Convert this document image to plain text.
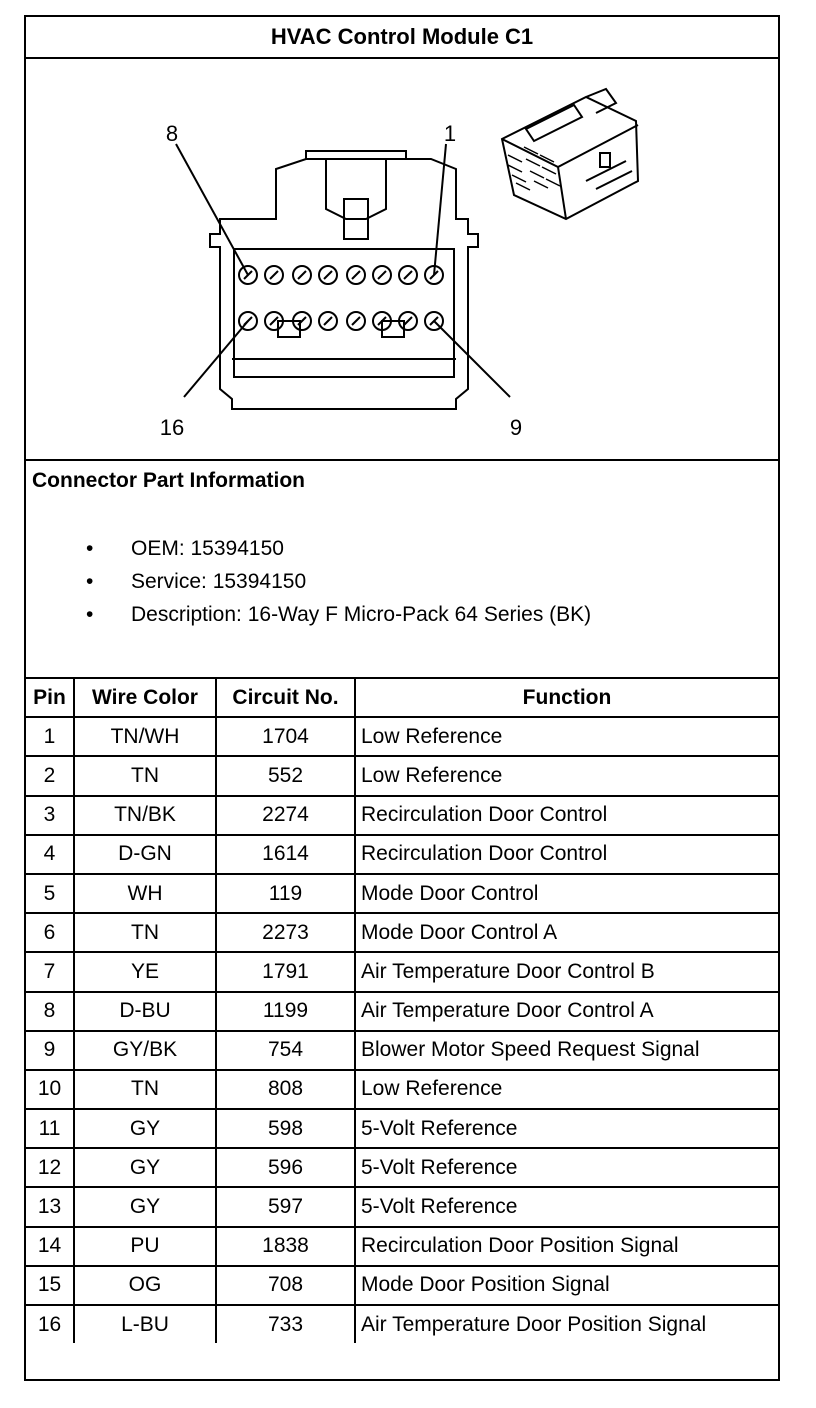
HVAC Control Module C1
8	1
16	9
Connector Part Information
• OEM: 15394150
• Service: 15394150
• Description: 16-Way F Micro-Pack 64 Series (BK)
Pin	Wire Color	Circuit No.	Function
1	TN/WH	1704	Low Reference
2	TN	552	Low Reference
3	TN/BK	2274	Recirculation Door Control
4	D-GN	1614	Recirculation Door Control
5	WH	119	Mode Door Control
6	TN	2273	Mode Door Control A
7	YE	1791	Air Temperature Door Control B
8	D-BU	1199	Air Temperature Door Control A
9	GY/BK	754	Blower Motor Speed Request Signal
10	TN	808	Low Reference
11	GY	598	5-Volt Reference
12	GY	596	5-Volt Reference
13	GY	597	5-Volt Reference
14	PU	1838	Recirculation Door Position Signal
15	OG	708	Mode Door Position Signal
16	L-BU	733	Air Temperature Door Position Signal
